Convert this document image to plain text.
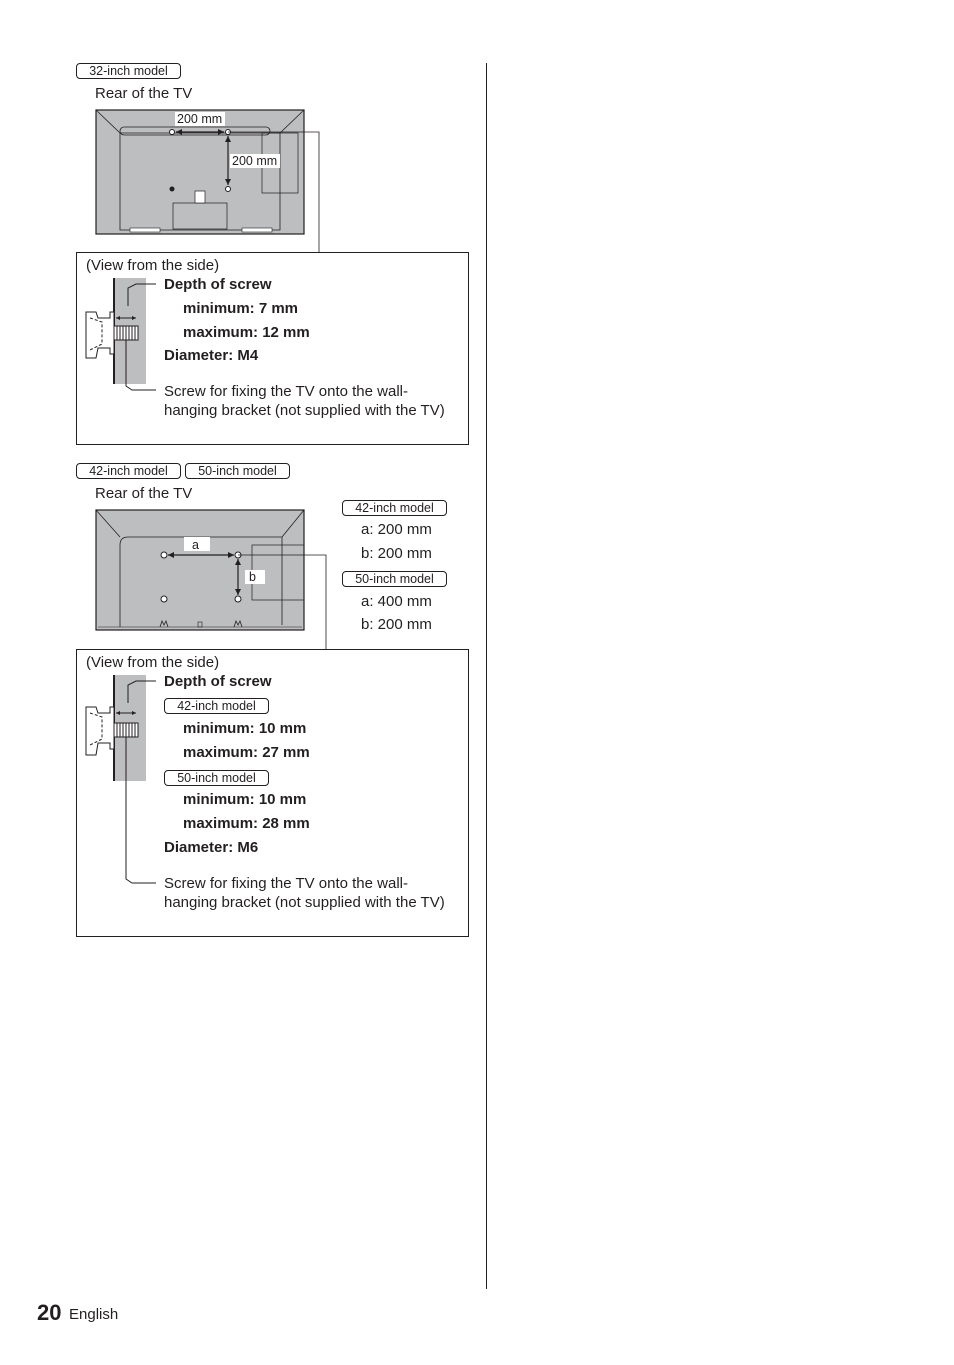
32-inch model
Rear of the TV
200 mm
200 mm
(View from the side)
Depth of screw
minimum: 7 mm
maximum: 12 mm
Diameter: M4
Screw for fixing the TV onto the wall-hanging bracket (not supplied with the TV)
42-inch model	50-inch model
Rear of the TV
a
b
42-inch model
a: 200 mm
b: 200 mm
50-inch model
a: 400 mm
b: 200 mm
(View from the side)
Depth of screw
42-inch model
minimum: 10 mm
maximum: 27 mm
50-inch model
minimum: 10 mm
maximum: 28 mm
Diameter: M6
Screw for fixing the TV onto the wall-hanging bracket (not supplied with the TV)
20 English
